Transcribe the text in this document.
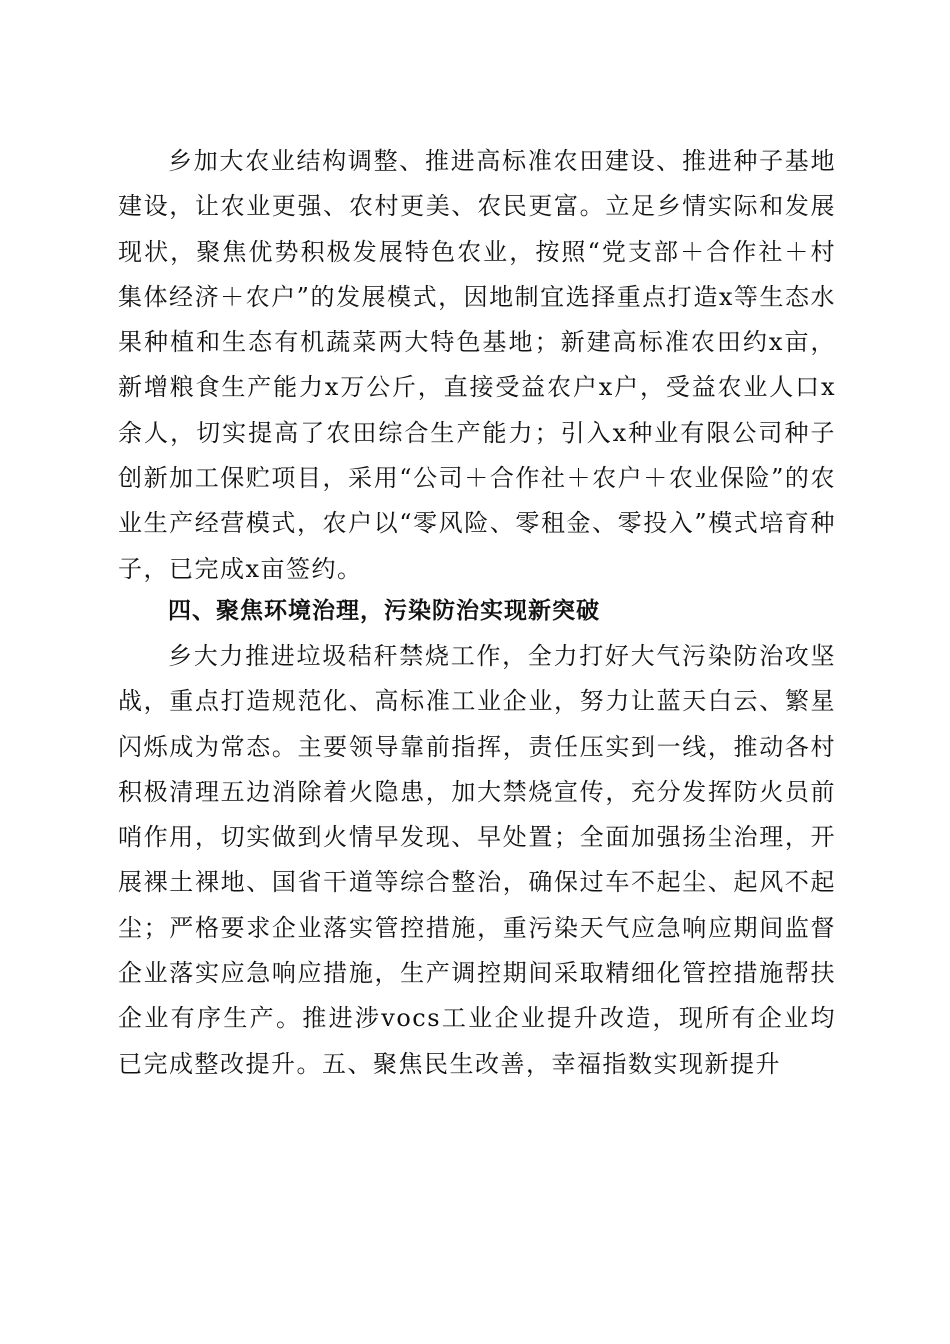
乡加大农业结构调整、推进高标准农田建设、推进种子基地建设，让农业更强、农村更美、农民更富。立足乡情实际和发展现状，聚焦优势积极发展特色农业，按照“党支部＋合作社＋村集体经济＋农户”的发展模式，因地制宜选择重点打造x等生态水果种植和生态有机蔬菜两大特色基地；新建高标准农田约x亩，新增粮食生产能力x万公斤，直接受益农户x户，受益农业人口x余人，切实提高了农田综合生产能力；引入x种业有限公司种子创新加工保贮项目，采用“公司＋合作社＋农户＋农业保险”的农业生产经营模式，农户以“零风险、零租金、零投入”模式培育种子，已完成x亩签约。

四、聚焦环境治理，污染防治实现新突破

乡大力推进垃圾秸秆禁烧工作，全力打好大气污染防治攻坚战，重点打造规范化、高标准工业企业，努力让蓝天白云、繁星闪烁成为常态。主要领导靠前指挥，责任压实到一线，推动各村积极清理五边消除着火隐患，加大禁烧宣传，充分发挥防火员前哨作用，切实做到火情早发现、早处置；全面加强扬尘治理，开展裸土裸地、国省干道等综合整治，确保过车不起尘、起风不起尘；严格要求企业落实管控措施，重污染天气应急响应期间监督企业落实应急响应措施，生产调控期间采取精细化管控措施帮扶企业有序生产。推进涉vocs工业企业提升改造，现所有企业均已完成整改提升。五、聚焦民生改善，幸福指数实现新提升
